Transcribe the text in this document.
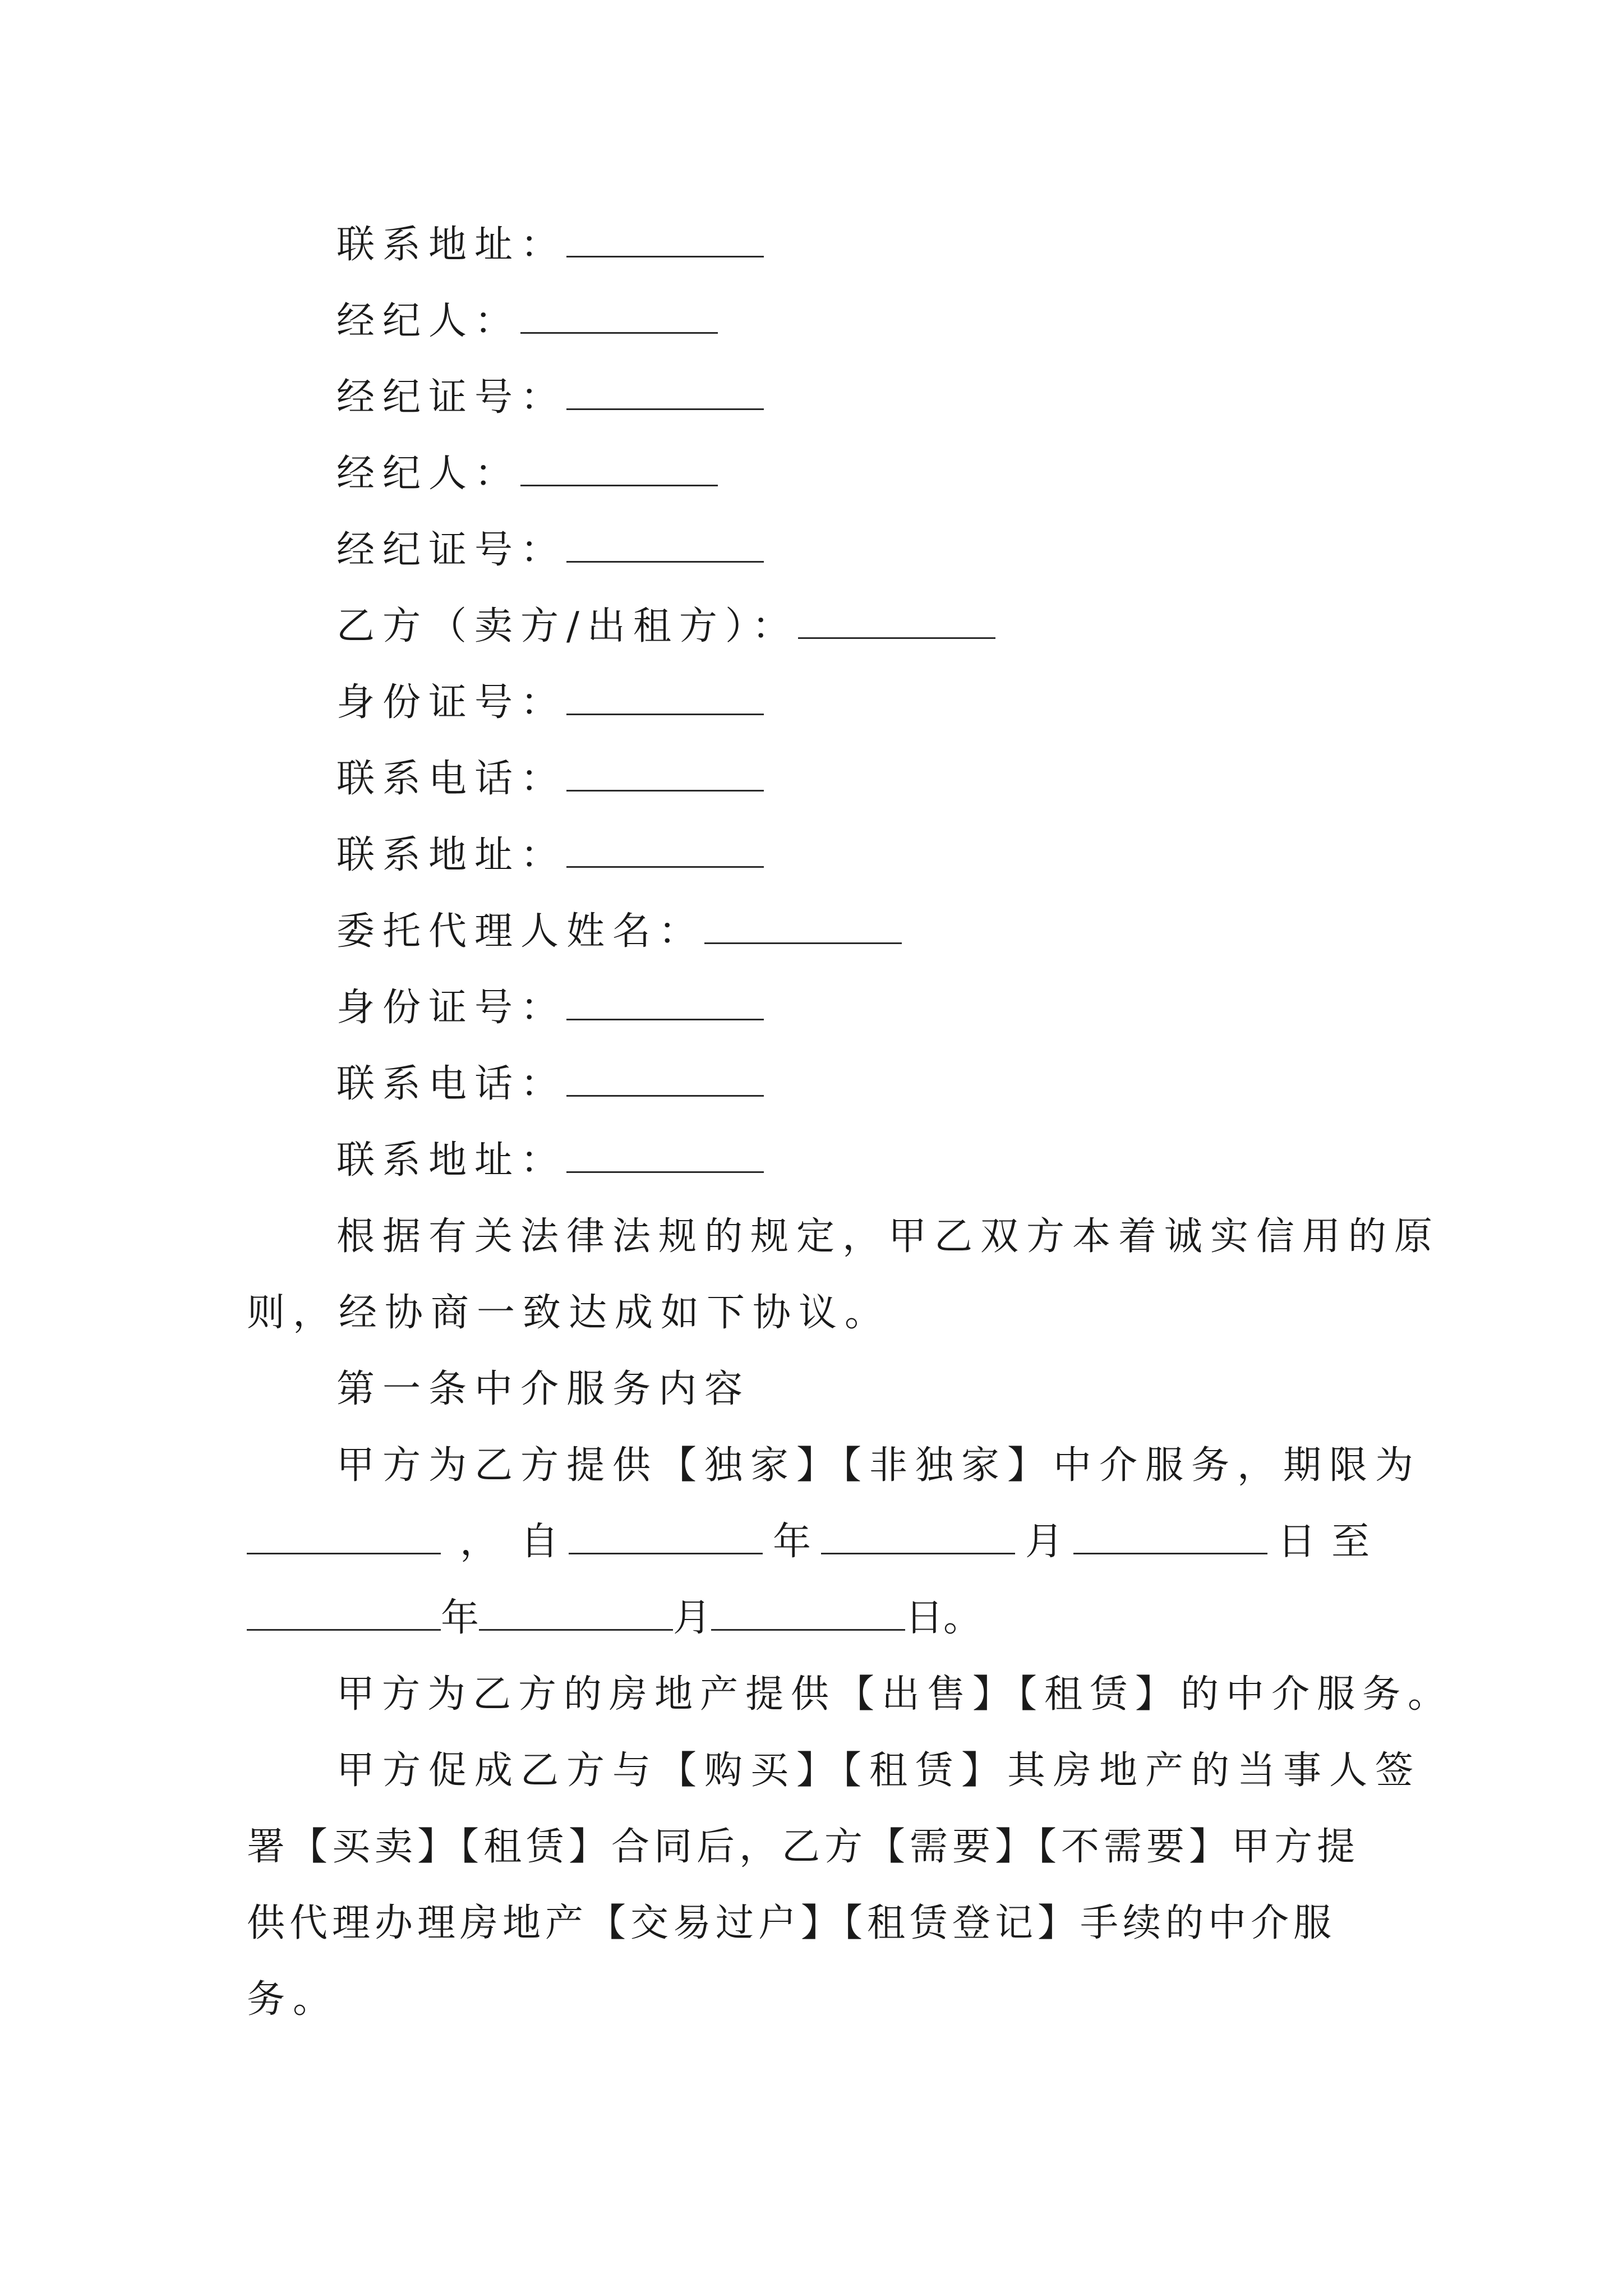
联系地址：
经纪人：
经纪证号：
经纪人：
经纪证号：
乙方（卖方/出租方）：
身份证号：
联系电话：
联系地址：
委托代理人姓名：
身份证号：
联系电话：
联系地址：
根据有关法律法规的规定，甲乙双方本着诚实信用的原
则，经协商一致达成如下协议。
第一条中介服务内容
甲方为乙方提供【独家】【非独家】中介服务，期限为
， 自	年	月	日至
年	月	日。
甲方为乙方的房地产提供【出售】【租赁】的中介服务。
甲方促成乙方与【购买】【租赁】其房地产的当事人签
署【买卖】【租赁】合同后，乙方【需要】【不需要】甲方提
供代理办理房地产【交易过户】【租赁登记】手续的中介服
务。
